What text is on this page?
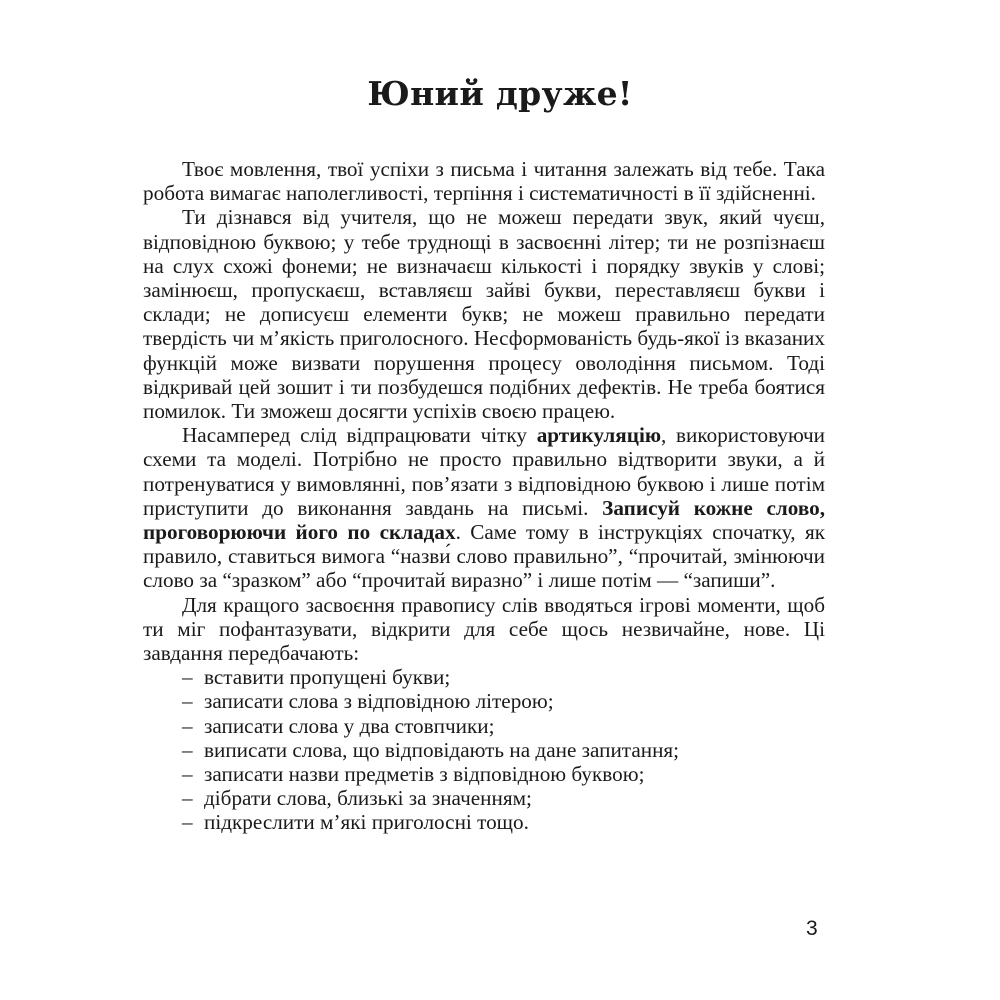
Юний друже!

Твоє мовлення, твої успіхи з письма і читання залежать від тебе. Така робота вимагає наполегливості, терпіння і систематичності в її здійсненні.

Ти дізнався від учителя, що не можеш передати звук, який чуєш, відповідною буквою; у тебе труднощі в засвоєнні літер; ти не розпізнаєш на слух схожі фонеми; не визначаєш кількості і порядку звуків у слові; замінюєш, пропускаєш, вставляєш зайві букви, переставляєш букви і склади; не дописуєш елементи букв; не можеш правильно передати твердість чи м’якість приголосного. Несформованість будь-якої із вказаних функцій може визвати порушення процесу оволодіння письмом. Тоді відкривай цей зошит і ти позбудешся подібних дефектів. Не треба боятися помилок. Ти зможеш досягти успіхів своєю працею.

Насамперед слід відпрацювати чітку артикуляцію, використовуючи схеми та моделі. Потрібно не просто правильно відтворити звуки, а й потренуватися у вимовлянні, пов’язати з відповідною буквою і лише потім приступити до виконання завдань на письмі. Записуй кожне слово, проговорюючи його по складах. Саме тому в інструкціях спочатку, як правило, ставиться вимога “назви́ слово правильно”, “прочитай, змінюючи слово за “зразком” або “прочитай виразно” і лише потім — “запиши”.

Для кращого засвоєння правопису слів вводяться ігрові моменти, щоб ти міг пофантазувати, відкрити для себе щось незвичайне, нове. Ці завдання передбачають:

– вставити пропущені букви;
– записати слова з відповідною літерою;
– записати слова у два стовпчики;
– виписати слова, що відповідають на дане запитання;
– записати назви предметів з відповідною буквою;
– дібрати слова, близькі за значенням;
– підкреслити м’які приголосні тощо.
3
